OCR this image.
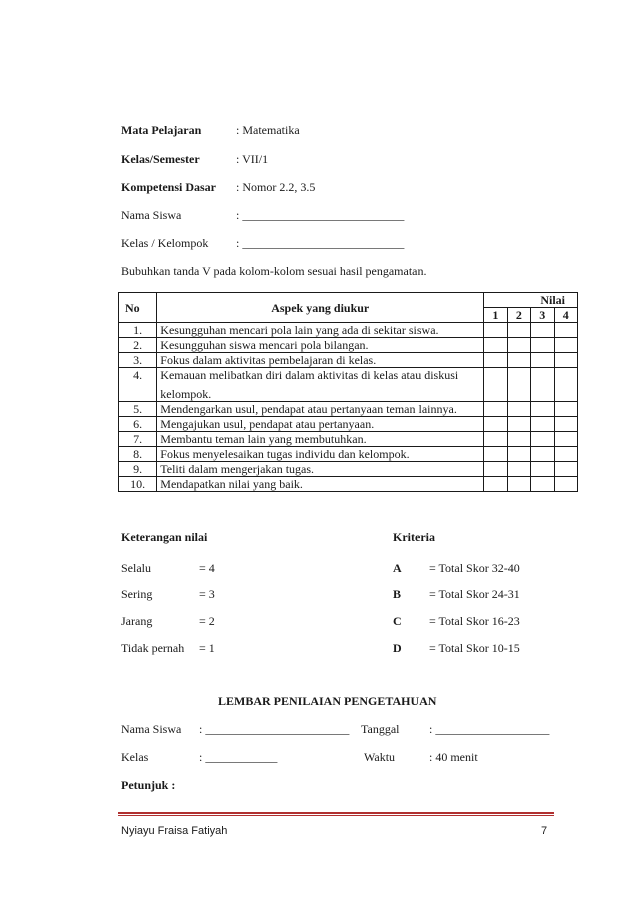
Mata Pelajaran	: Matematika
Kelas/Semester	: VII/1
Kompetensi Dasar : Nomor 2.2, 3.5
Nama Siswa	: ___________________________
Kelas / Kelompok : ___________________________
Bubuhkan tanda V pada kolom-kolom sesuai hasil pengamatan.
No	Aspek yang diukur	Nilai			
		1	2	3	4
1.	Kesungguhan mencari pola lain yang ada di sekitar siswa.				
2.	Kesungguhan siswa mencari pola bilangan.				
3.	Fokus dalam aktivitas pembelajaran di kelas.				
4.	Kemauan melibatkan diri dalam aktivitas di kelas atau diskusi
kelompok.				

5.	Mendengarkan usul, pendapat atau pertanyaan teman lainnya.				
6.	Mengajukan usul, pendapat atau pertanyaan.				
7.	Membantu teman lain yang membutuhkan.				
8.	Fokus menyelesaikan tugas individu dan kelompok.				
9.	Teliti dalam mengerjakan tugas.				
10.	Mendapatkan nilai yang baik.				
Keterangan nilai
Selalu	= 4
Sering	= 3
Jarang	= 2
Tidak pernah = 1
Kriteria
A = Total Skor 32-40
B = Total Skor 24-31
C = Total Skor 16-23
D = Total Skor 10-15
LEMBAR PENILAIAN PENGETAHUAN
Nama Siswa : ________________________ Tanggal : ___________________
Kelas	: ____________	Waktu	: 40 menit
Petunjuk :
Nyiayu Fraisa Fatiyah	7
